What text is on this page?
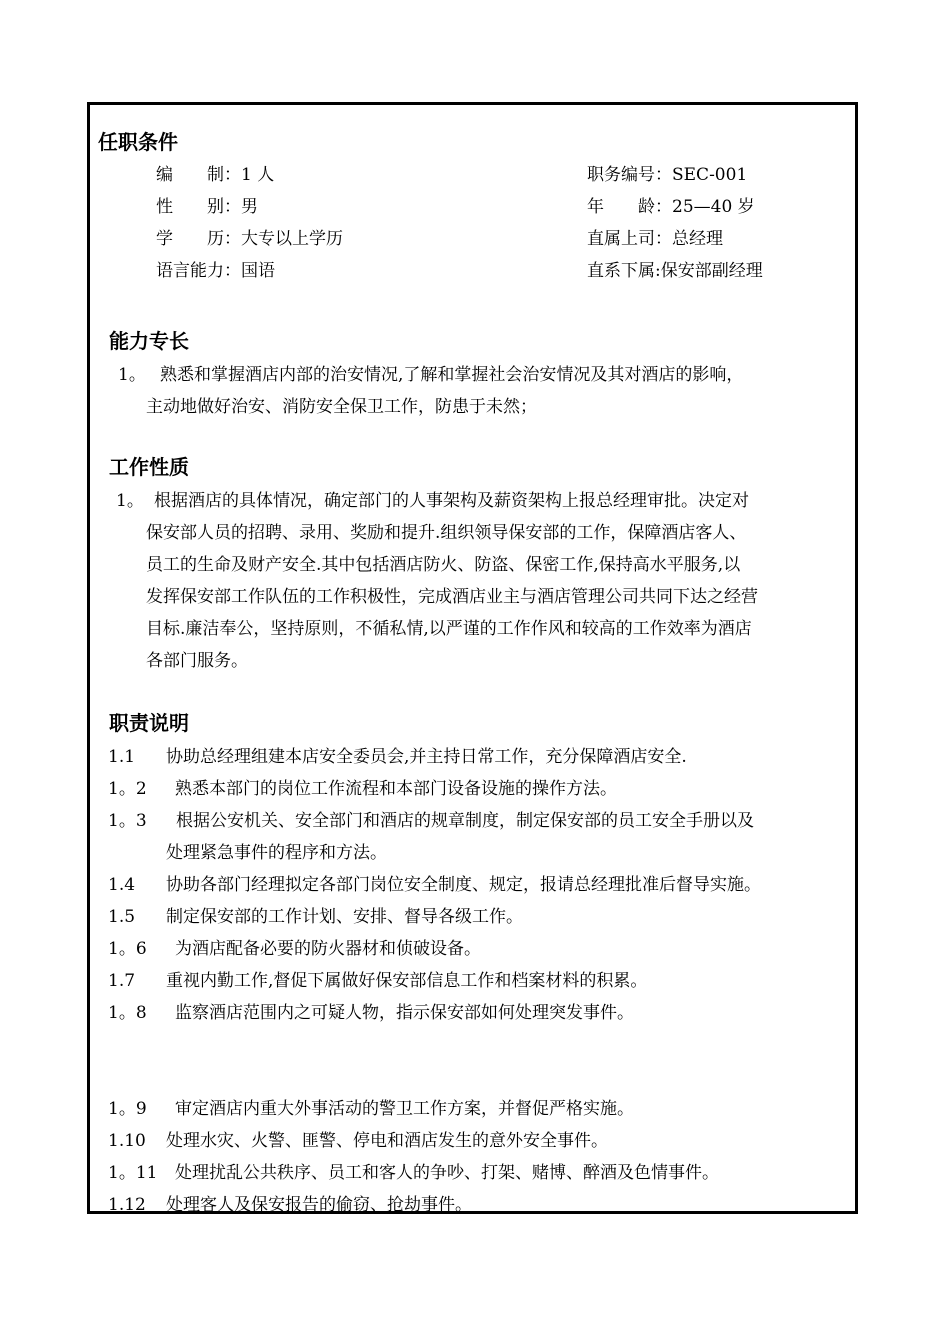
任职条件
编　　制：1 人
性　　别：男
学　　历：大专以上学历
语言能力：国语
职务编号：SEC-001
年　　龄：25—40 岁
直属上司：总经理
直系下属:保安部副经理
能力专长
1。 熟悉和掌握酒店内部的治安情况,了解和掌握社会治安情况及其对酒店的影响，
主动地做好治安、消防安全保卫工作，防患于未然；
工作性质
1。 根据酒店的具体情况，确定部门的人事架构及薪资架构上报总经理审批。决定对
保安部人员的招聘、录用、奖励和提升.组织领导保安部的工作，保障酒店客人、
员工的生命及财产安全.其中包括酒店防火、防盗、保密工作,保持高水平服务,以
发挥保安部工作队伍的工作积极性，完成酒店业主与酒店管理公司共同下达之经营
目标.廉洁奉公，坚持原则，不循私情,以严谨的工作作风和较高的工作效率为酒店
各部门服务。
职责说明
1.1 协助总经理组建本店安全委员会,并主持日常工作，充分保障酒店安全.
1。2 熟悉本部门的岗位工作流程和本部门设备设施的操作方法。
1。3 根据公安机关、安全部门和酒店的规章制度，制定保安部的员工安全手册以及
处理紧急事件的程序和方法。
1.4 协助各部门经理拟定各部门岗位安全制度、规定，报请总经理批准后督导实施。
1.5 制定保安部的工作计划、安排、督导各级工作。
1。6 为酒店配备必要的防火器材和侦破设备。
1.7 重视内勤工作,督促下属做好保安部信息工作和档案材料的积累。
1。8 监察酒店范围内之可疑人物，指示保安部如何处理突发事件。
1。9 审定酒店内重大外事活动的警卫工作方案，并督促严格实施。
1.10 处理水灾、火警、匪警、停电和酒店发生的意外安全事件。
1。11 处理扰乱公共秩序、员工和客人的争吵、打架、赌博、醉酒及色情事件。
1.12 处理客人及保安报告的偷窃、抢劫事件。
